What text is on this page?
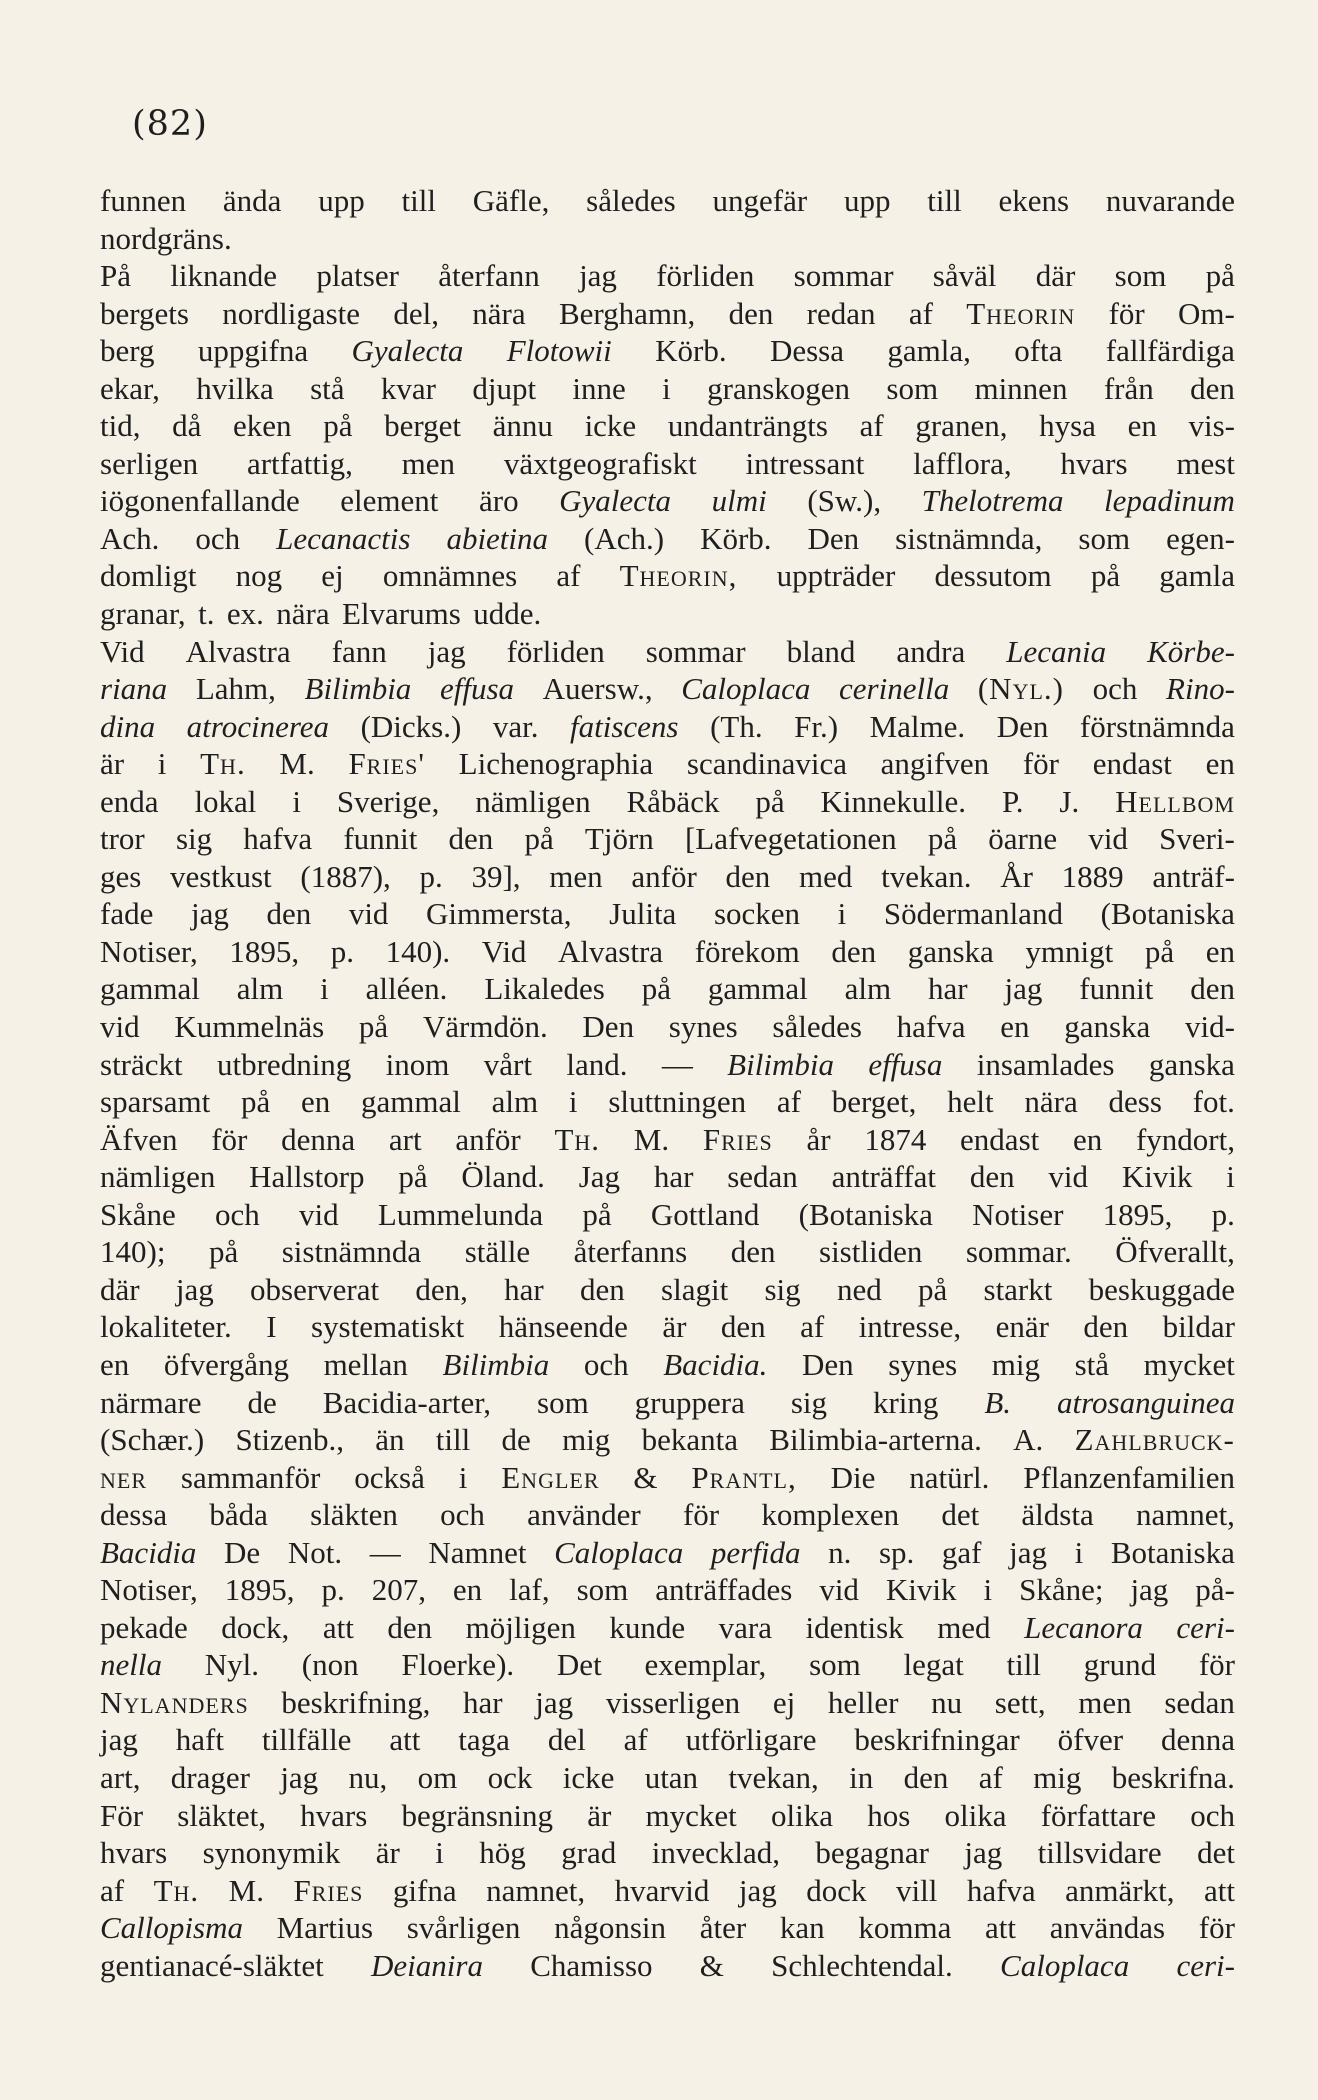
(82)
funnen ända upp till Gäfle, således ungefär upp till ekens nuvarande
nordgräns.
På liknande platser återfann jag förliden sommar såväl där som på
bergets nordligaste del, nära Berghamn, den redan af Theorin för Om-
berg uppgifna Gyalecta Flotowii Körb. Dessa gamla, ofta fallfärdiga
ekar, hvilka stå kvar djupt inne i granskogen som minnen från den
tid, då eken på berget ännu icke undanträngts af granen, hysa en vis-
serligen artfattig, men växtgeografiskt intressant lafflora, hvars mest
iögonenfallande element äro Gyalecta ulmi (Sw.), Thelotrema lepadinum
Ach. och Lecanactis abietina (Ach.) Körb. Den sistnämnda, som egen-
domligt nog ej omnämnes af Theorin, uppträder dessutom på gamla
granar, t. ex. nära Elvarums udde.
Vid Alvastra fann jag förliden sommar bland andra Lecania Körbe-
riana Lahm, Bilimbia effusa Auersw., Caloplaca cerinella (Nyl.) och Rino-
dina atrocinerea (Dicks.) var. fatiscens (Th. Fr.) Malme. Den förstnämnda
är i Th. M. Fries' Lichenographia scandinavica angifven för endast en
enda lokal i Sverige, nämligen Råbäck på Kinnekulle. P. J. Hellbom
tror sig hafva funnit den på Tjörn [Lafvegetationen på öarne vid Sveri-
ges vestkust (1887), p. 39], men anför den med tvekan. År 1889 anträf-
fade jag den vid Gimmersta, Julita socken i Södermanland (Botaniska
Notiser, 1895, p. 140). Vid Alvastra förekom den ganska ymnigt på en
gammal alm i alléen. Likaledes på gammal alm har jag funnit den
vid Kummelnäs på Värmdön. Den synes således hafva en ganska vid-
sträckt utbredning inom vårt land. — Bilimbia effusa insamlades ganska
sparsamt på en gammal alm i sluttningen af berget, helt nära dess fot.
Äfven för denna art anför Th. M. Fries år 1874 endast en fyndort,
nämligen Hallstorp på Öland. Jag har sedan anträffat den vid Kivik i
Skåne och vid Lummelunda på Gottland (Botaniska Notiser 1895, p.
140); på sistnämnda ställe återfanns den sistliden sommar. Öfverallt,
där jag observerat den, har den slagit sig ned på starkt beskuggade
lokaliteter. I systematiskt hänseende är den af intresse, enär den bildar
en öfvergång mellan Bilimbia och Bacidia. Den synes mig stå mycket
närmare de Bacidia-arter, som gruppera sig kring B. atrosanguinea
(Schær.) Stizenb., än till de mig bekanta Bilimbia-arterna. A. Zahlbruck-
ner sammanför också i Engler & Prantl, Die natürl. Pflanzenfamilien
dessa båda släkten och använder för komplexen det äldsta namnet,
Bacidia De Not. — Namnet Caloplaca perfida n. sp. gaf jag i Botaniska
Notiser, 1895, p. 207, en laf, som anträffades vid Kivik i Skåne; jag på-
pekade dock, att den möjligen kunde vara identisk med Lecanora ceri-
nella Nyl. (non Floerke). Det exemplar, som legat till grund för
Nylanders beskrifning, har jag visserligen ej heller nu sett, men sedan
jag haft tillfälle att taga del af utförligare beskrifningar öfver denna
art, drager jag nu, om ock icke utan tvekan, in den af mig beskrifna.
För släktet, hvars begränsning är mycket olika hos olika författare och
hvars synonymik är i hög grad invecklad, begagnar jag tillsvidare det
af Th. M. Fries gifna namnet, hvarvid jag dock vill hafva anmärkt, att
Callopisma Martius svårligen någonsin åter kan komma att användas för
gentianacé-släktet Deianira Chamisso & Schlechtendal. Caloplaca ceri-
